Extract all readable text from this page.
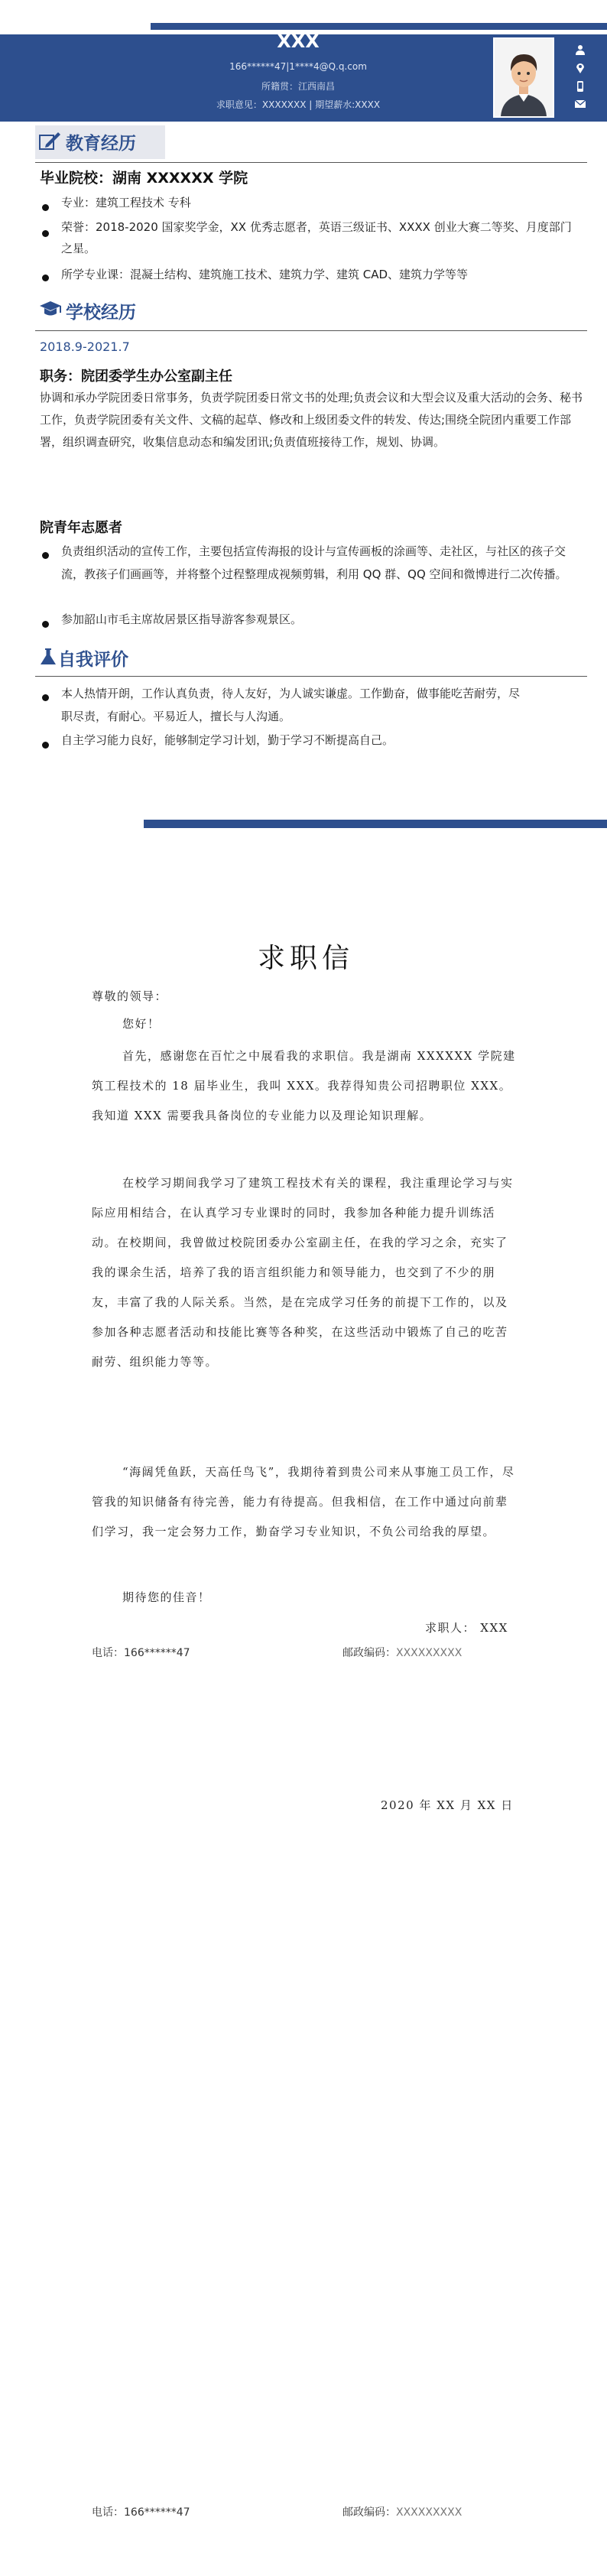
XXX
166******47|1****4@Q.q.com
所籍贯：江西南昌
求职意见：XXXXXXX | 期望薪水:XXXX
教育经历
毕业院校：湖南 XXXXXX 学院
专业：建筑工程技术 专科
荣誉：2018-2020 国家奖学金，XX 优秀志愿者，英语三级证书、XXXX 创业大赛二等奖、月度部门之星。
所学专业课：混凝土结构、建筑施工技术、建筑力学、建筑 CAD、建筑力学等等
学校经历
2018.9-2021.7
职务：院团委学生办公室副主任
协调和承办学院团委日常事务，负责学院团委日常文书的处理;负责会议和大型会议及重大活动的会务、秘书工作，负责学院团委有关文件、文稿的起草、修改和上级团委文件的转发、传达;围绕全院团内重要工作部署，组织调查研究，收集信息动态和编发团讯;负责值班接待工作，规划、协调。
院青年志愿者
负责组织活动的宣传工作，主要包括宣传海报的设计与宣传画板的涂画等、走社区，与社区的孩子交流，教孩子们画画等，并将整个过程整理成视频剪辑，利用 QQ 群、QQ 空间和微博进行二次传播。
参加韶山市毛主席故居景区指导游客参观景区。
自我评价
本人热情开朗，工作认真负责，待人友好，为人诚实谦虚。工作勤奋，做事能吃苦耐劳，尽职尽责，有耐心。平易近人，擅长与人沟通。
自主学习能力良好，能够制定学习计划，勤于学习不断提高自己。
求职信
尊敬的领导：
您好！
首先，感谢您在百忙之中展看我的求职信。我是湖南 XXXXXX 学院建筑工程技术的 18 届毕业生，我叫 XXX。我荐得知贵公司招聘职位 XXX。我知道 XXX 需要我具备岗位的专业能力以及理论知识理解。
在校学习期间我学习了建筑工程技术有关的课程，我注重理论学习与实际应用相结合，在认真学习专业课时的同时，我参加各种能力提升训练活动。在校期间，我曾做过校院团委办公室副主任，在我的学习之余，充实了我的课余生活，培养了我的语言组织能力和领导能力，也交到了不少的朋友，丰富了我的人际关系。当然，是在完成学习任务的前提下工作的，以及参加各种志愿者活动和技能比赛等各种奖，在这些活动中锻炼了自己的吃苦耐劳、组织能力等等。
“海阔凭鱼跃，天高任鸟飞”，我期待着到贵公司来从事施工员工作，尽管我的知识储备有待完善，能力有待提高。但我相信，在工作中通过向前辈们学习，我一定会努力工作，勤奋学习专业知识，不负公司给我的厚望。
期待您的佳音！
求职人： XXX
电话：166******47	邮政编码：XXXXXXXXX
2020 年 XX 月 XX 日
电话：166******47	邮政编码：XXXXXXXXX
